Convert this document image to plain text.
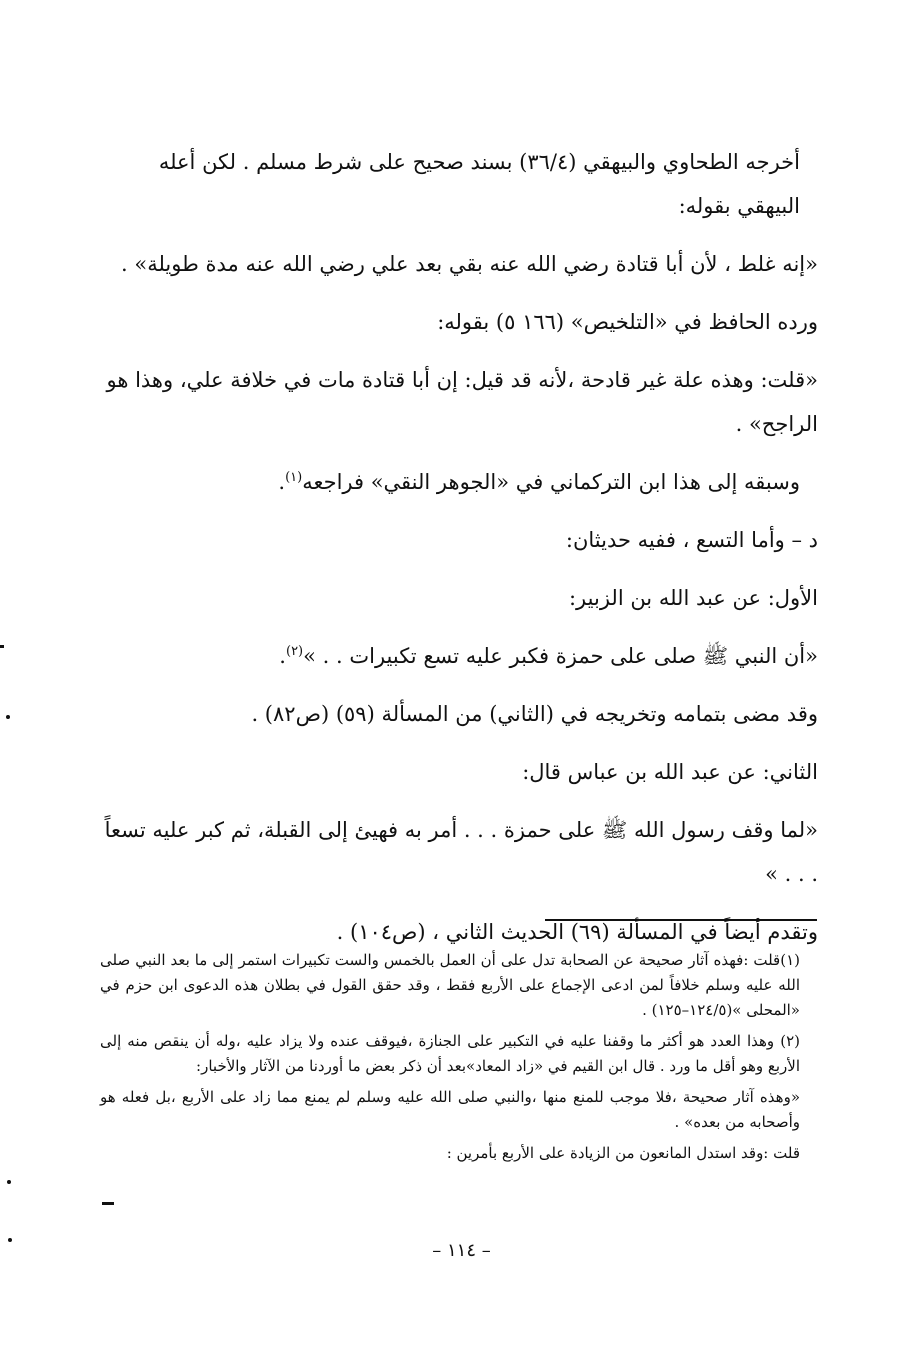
أخرجه الطحاوي والبيهقي (٣٦/٤) بسند صحيح على شرط مسلم . لكن أعله البيهقي بقوله:

«إنه غلط ، لأن أبا قتادة رضي الله عنه بقي بعد علي رضي الله عنه مدة طويلة» .

ورده الحافظ في «التلخيص» (١٦٦ ٥) بقوله:

«قلت: وهذه علة غير قادحة ،لأنه قد قيل: إن أبا قتادة مات في خلافة علي، وهذا هو الراجح» .

وسبقه إلى هذا ابن التركماني في «الجوهر النقي» فراجعه$^{(١)}$.

د – وأما التسع ، ففيه حديثان:

الأول: عن عبد الله بن الزبير:

«أن النبي ﷺ صلى على حمزة فكبر عليه تسع تكبيرات . . »$^{(٢)}$.

وقد مضى بتمامه وتخريجه في (الثاني) من المسألة (٥٩) (ص٨٢) .

الثاني: عن عبد الله بن عباس قال:

«لما وقف رسول الله ﷺ على حمزة . . . أمر به فهيئ إلى القبلة، ثم كبر عليه تسعاً . . . »

وتقدم أيضاً في المسألة (٦٩) الحديث الثاني ، (ص١٠٤) .

(١)قلت :فهذه آثار صحيحة عن الصحابة تدل على أن العمل بالخمس والست تكبيرات استمر إلى ما بعد النبي صلى الله عليه وسلم خلافاً لمن ادعى الإجماع على الأربع فقط ، وقد حقق القول في بطلان هذه الدعوى ابن حزم في «المحلى »(١٢٤/٥–١٢٥) .

(٢) وهذا العدد هو أكثر ما وقفنا عليه في التكبير على الجنازة ،فيوقف عنده ولا يزاد عليه ،وله أن ينقص منه إلى الأربع وهو أقل ما ورد . قال ابن القيم في «زاد المعاد»بعد أن ذكر بعض ما أوردنا من الآثار والأخبار:

«وهذه آثار صحيحة ،فلا موجب للمنع منها ،والنبي صلى الله عليه وسلم لم يمنع مما زاد على الأربع ،بل فعله هو وأصحابه من بعده» .

قلت :وقد استدل المانعون من الزيادة على الأربع بأمرين :

– ١١٤ –
